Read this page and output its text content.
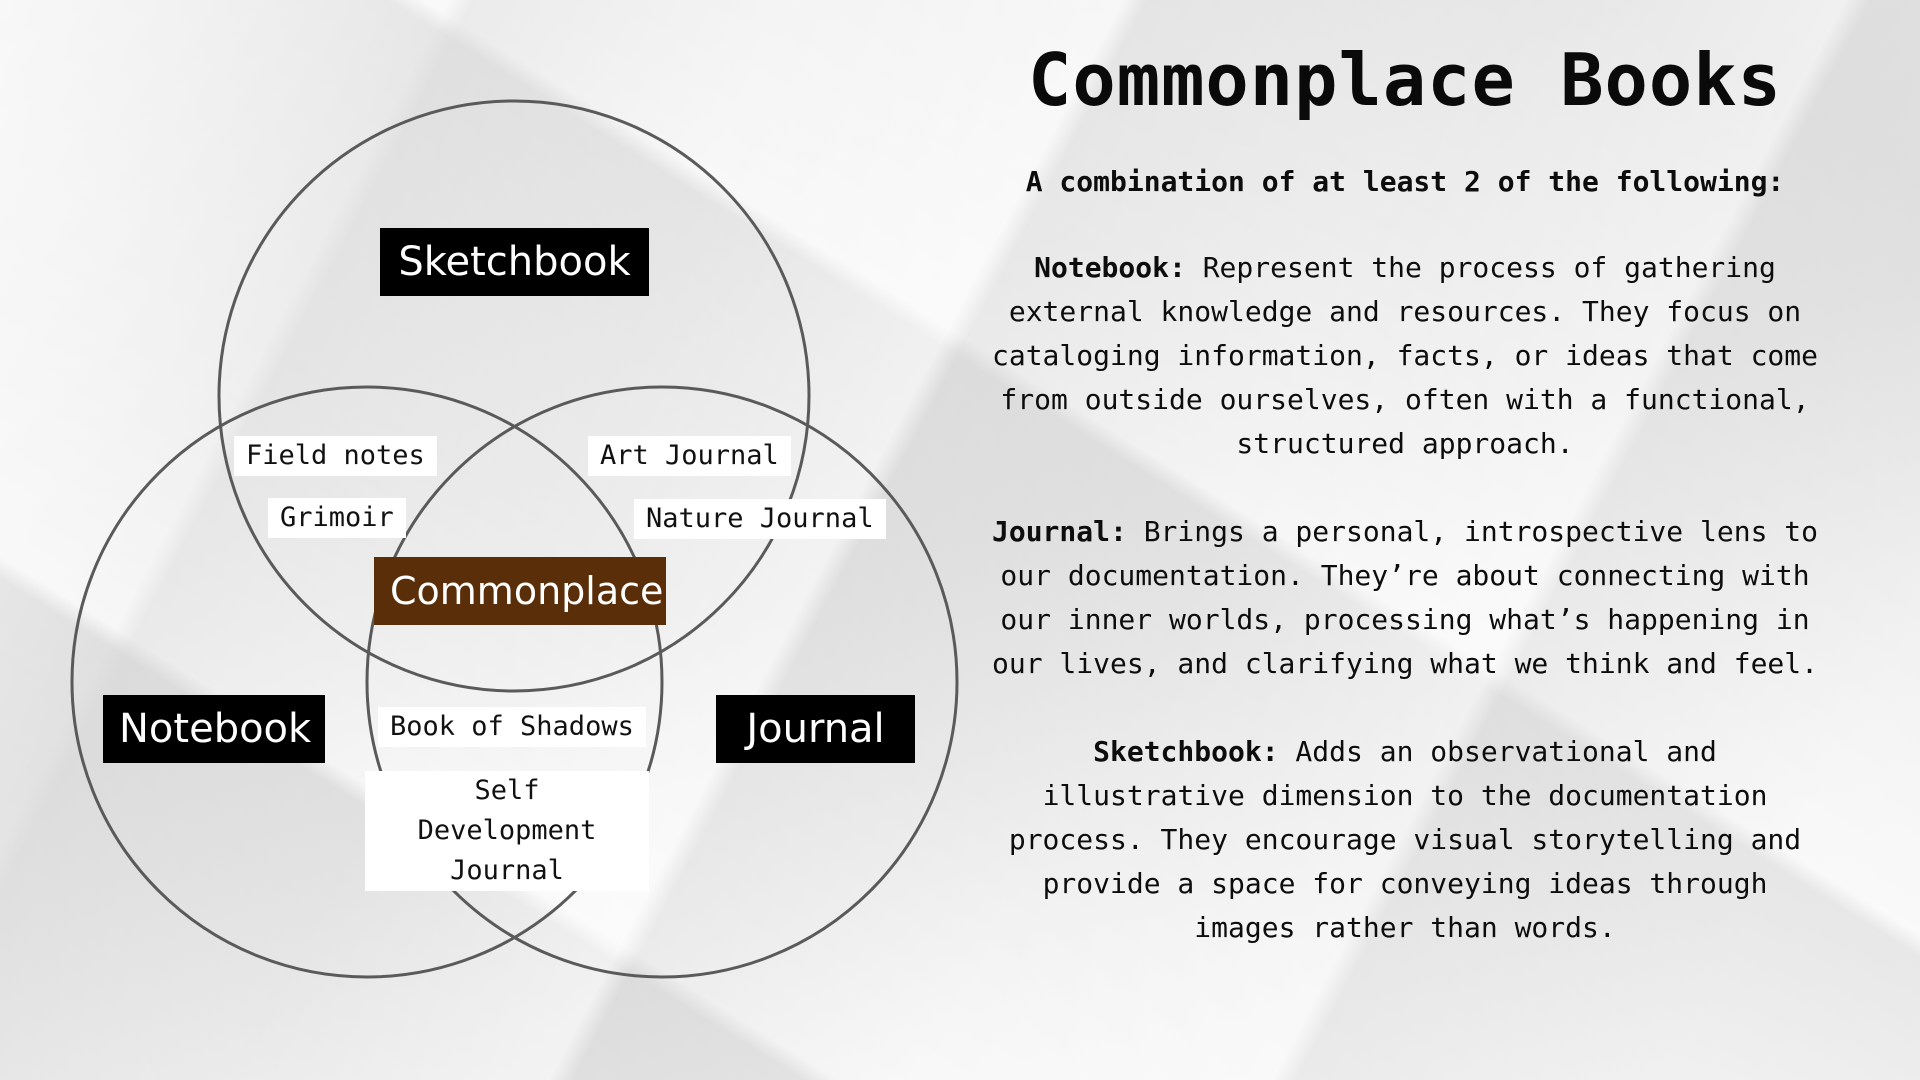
Sketchbook
Notebook	Journal
Commonplace
Field notes
Grimoir
Art Journal
Nature Journal
Book of Shadows
Self Development Journal
Commonplace Books

A combination of at least 2 of the following:

Notebook: Represent the process of gathering external knowledge and resources. They focus on cataloging information, facts, or ideas that come from outside ourselves, often with a functional, structured approach.

Journal: Brings a personal, introspective lens to our documentation. They’re about connecting with our inner worlds, processing what’s happening in our lives, and clarifying what we think and feel.

Sketchbook: Adds an observational and illustrative dimension to the documentation process. They encourage visual storytelling and provide a space for conveying ideas through images rather than words.
